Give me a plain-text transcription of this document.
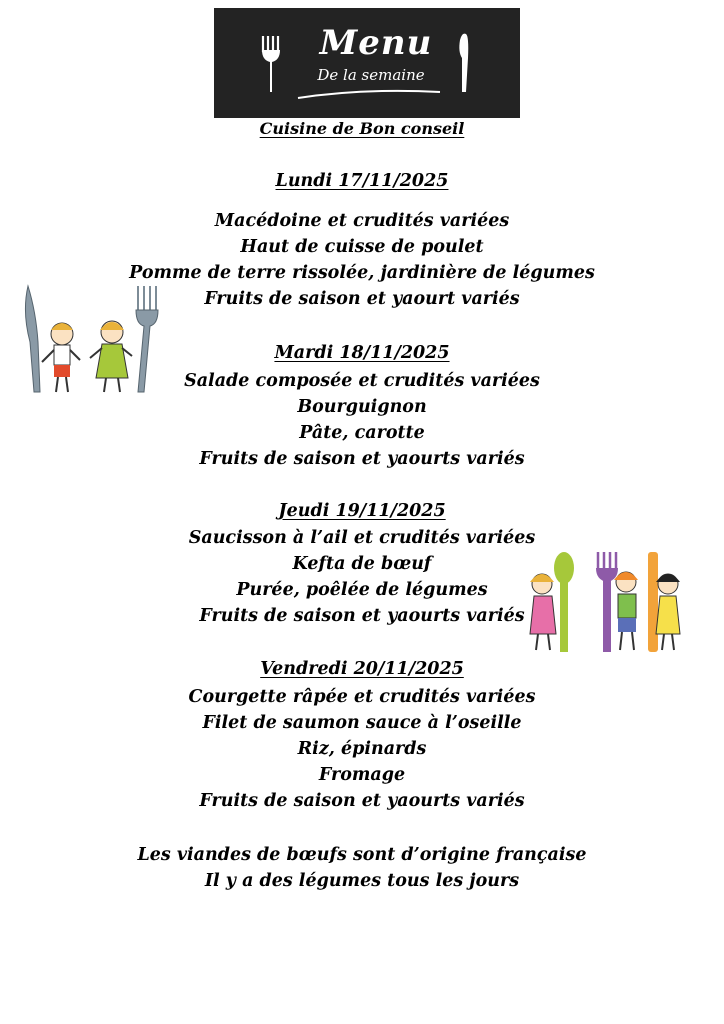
Menu
De la semaine
Cuisine de Bon conseil
Lundi 17/11/2025
Macédoine et crudités variées
Haut de cuisse de poulet
Pomme de terre rissolée, jardinière de légumes
Fruits de saison et yaourt variés
Mardi 18/11/2025
Salade composée et crudités variées
Bourguignon
Pâte, carotte
Fruits de saison et yaourts variés
Jeudi 19/11/2025
Saucisson à l’ail et crudités variées
Kefta de bœuf
Purée, poêlée de légumes
Fruits de saison et yaourts variés
Vendredi 20/11/2025
Courgette râpée et crudités variées
Filet de saumon sauce à l’oseille
Riz, épinards
Fromage
Fruits de saison et yaourts variés
Les viandes de bœufs sont d’origine française
Il y a des légumes tous les jours
